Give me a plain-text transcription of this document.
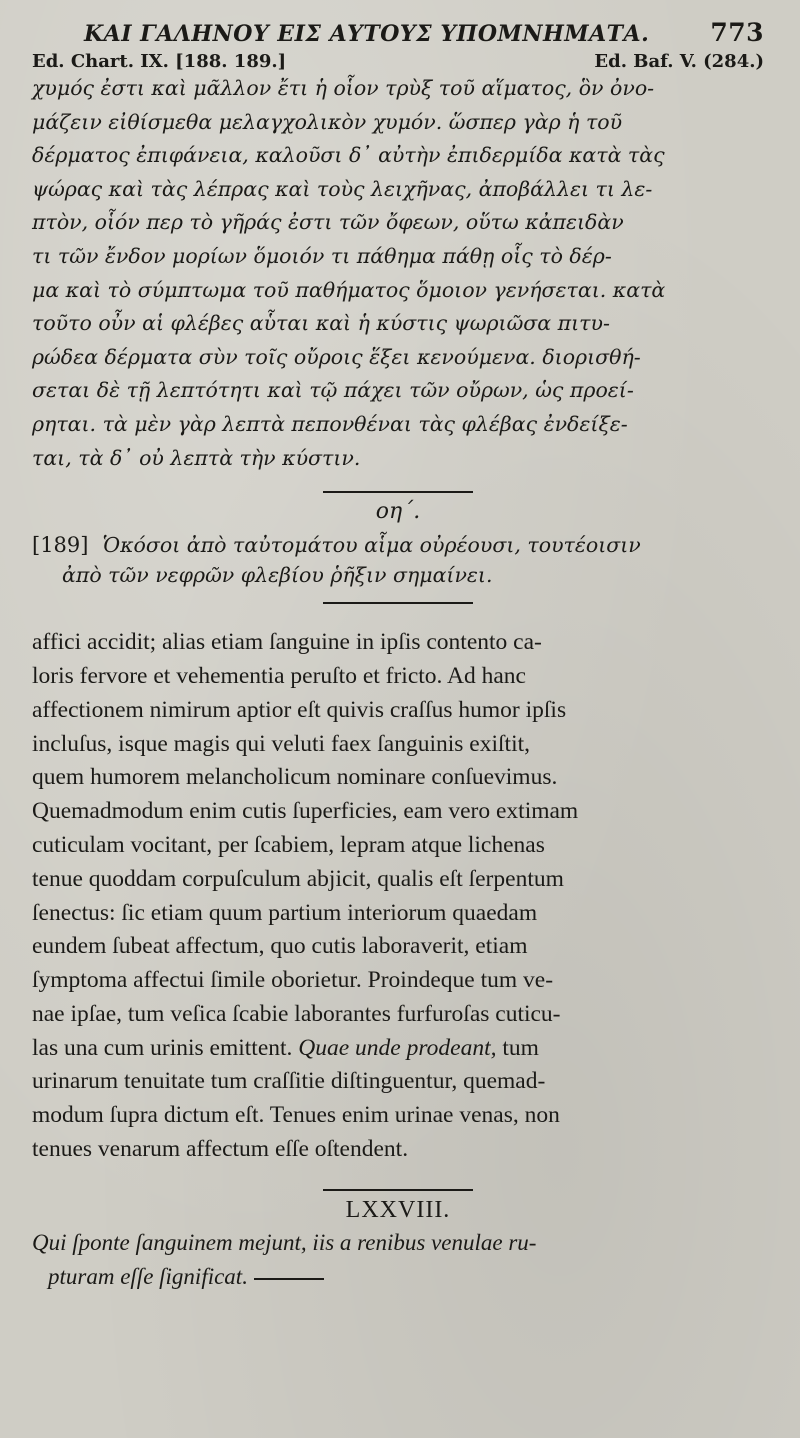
ΚΑΙ ΓΑΛΗΝΟΥ ΕΙΣ ΑΥΤΟΥΣ ΥΠΟΜΝΗΜΑΤΑ. 773
Ed. Chart. IX. [188. 189.]	Ed. Baf. V. (284.)
χυμός ἐστι καὶ μᾶλλον ἔτι ἡ οἷον τρὺξ τοῦ αἵματος, ὃν ὀνο-
μάζειν εἰθίσμεθα μελαγχολικὸν χυμόν. ὥσπερ γὰρ ἡ τοῦ
δέρματος ἐπιφάνεια, καλοῦσι δ᾽ αὐτὴν ἐπιδερμίδα κατὰ τὰς
ψώρας καὶ τὰς λέπρας καὶ τοὺς λειχῆνας, ἀποβάλλει τι λε-
πτὸν, οἷόν περ τὸ γῆράς ἐστι τῶν ὄφεων, οὕτω κἀπειδὰν
τι τῶν ἔνδον μορίων ὅμοιόν τι πάθημα πάθῃ οἷς τὸ δέρ-
μα καὶ τὸ σύμπτωμα τοῦ παθήματος ὅμοιον γενήσεται. κατὰ
τοῦτο οὖν αἱ φλέβες αὗται καὶ ἡ κύστις ψωριῶσα πιτυ-
ρώδεα δέρματα σὺν τοῖς οὔροις ἕξει κενούμενα. διορισθή-
σεται δὲ τῇ λεπτότητι καὶ τῷ πάχει τῶν οὔρων, ὡς προεί-
ρηται. τὰ μὲν γὰρ λεπτὰ πεπονθέναι τὰς φλέβας ἐνδείξε-
ται, τὰ δ᾽ οὐ λεπτὰ τὴν κύστιν.
οη΄.
[189] Ὁκόσοι ἀπὸ ταὐτομάτου αἷμα οὐρέουσι, τουτέοισιν
ἀπὸ τῶν νεφρῶν φλεβίου ῥῆξιν σημαίνει.
affici accidit; alias etiam ſanguine in ipſis contento ca-
loris fervore et vehementia peruſto et fricto. Ad hanc
affectionem nimirum aptior eſt quivis craſſus humor ipſis
incluſus, isque magis qui veluti faex ſanguinis exiſtit,
quem humorem melancholicum nominare conſuevimus.
Quemadmodum enim cutis ſuperficies, eam vero extimam
cuticulam vocitant, per ſcabiem, lepram atque lichenas
tenue quoddam corpuſculum abjicit, qualis eſt ſerpentum
ſenectus: ſic etiam quum partium interiorum quaedam
eundem ſubeat affectum, quo cutis laboraverit, etiam
ſymptoma affectui ſimile oborietur. Proindeque tum ve-
nae ipſae, tum veſica ſcabie laborantes furfuroſas cuticu-
las una cum urinis emittent. Quae unde prodeant, tum
urinarum tenuitate tum craſſitie diſtinguentur, quemad-
modum ſupra dictum eſt. Tenues enim urinae venas, non
tenues venarum affectum eſſe oſtendent.
LXXVIII.
Qui ſponte ſanguinem mejunt, iis a renibus venulae ru-
pturam eſſe ſignificat.
